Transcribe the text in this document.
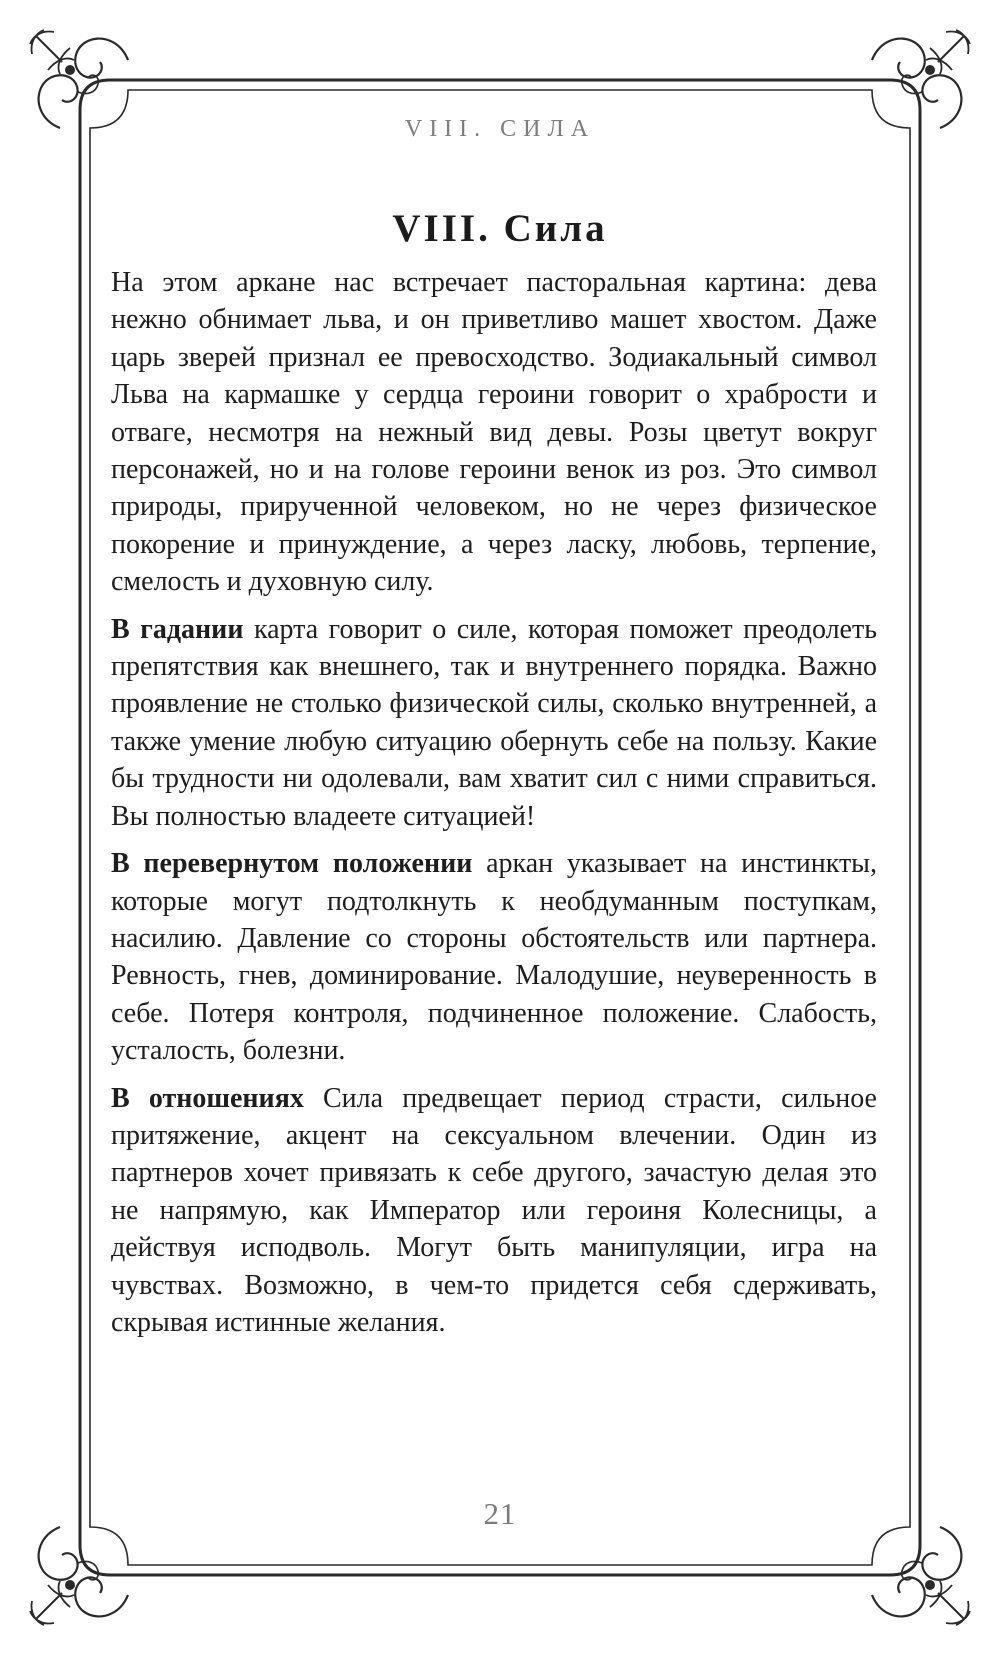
VIII. СИЛА
VIII. Сила

На этом аркане нас встречает пасторальная картина: дева нежно обнимает льва, и он приветливо машет хвостом. Даже царь зверей признал ее превосходство. Зодиакальный символ Льва на кармашке у сердца героини говорит о храбрости и отваге, несмотря на нежный вид девы. Розы цветут вокруг персонажей, но и на голове героини венок из роз. Это символ природы, прирученной человеком, но не через физическое покорение и принуждение, а через ласку, любовь, терпение, смелость и духовную силу.

В гадании карта говорит о силе, которая поможет преодолеть препятствия как внешнего, так и внутреннего порядка. Важно проявление не столько физической силы, сколько внутренней, а также умение любую ситуацию обернуть себе на пользу. Какие бы трудности ни одолевали, вам хватит сил с ними справиться. Вы полностью владеете ситуацией!

В перевернутом положении аркан указывает на инстинкты, которые могут подтолкнуть к необдуманным поступкам, насилию. Давление со стороны обстоятельств или партнера. Ревность, гнев, доминирование. Малодушие, неуверенность в себе. Потеря контроля, подчиненное положение. Слабость, усталость, болезни.

В отношениях Сила предвещает период страсти, сильное притяжение, акцент на сексуальном влечении. Один из партнеров хочет привязать к себе другого, зачастую делая это не напрямую, как Император или героиня Колесницы, а действуя исподволь. Могут быть манипуляции, игра на чувствах. Возможно, в чем-то придется себя сдерживать, скрывая истинные желания.

21
